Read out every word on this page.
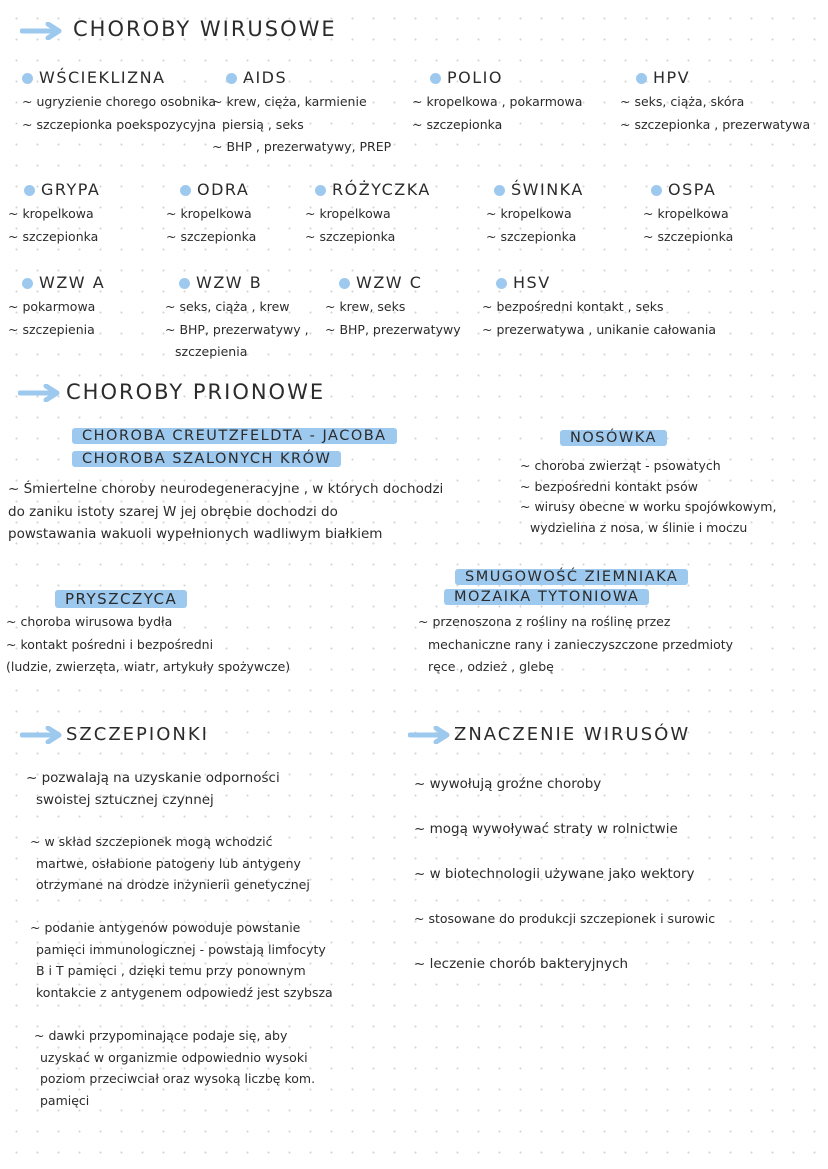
CHOROBY WIRUSOWE
WŚCIEKLIZNA
~ ugryzienie chorego osobnika
~ szczepionka poekspozycyjna
AIDS
~ krew, cięża, karmienie
piersią , seks
~ BHP , prezerwatywy, PREP
POLIO
~ kropelkowa , pokarmowa
~ szczepionka
HPV
~ seks, ciąża, skóra
~ szczepionka , prezerwatywa
GRYPA
~ kropelkowa
~ szczepionka
ODRA
~ kropelkowa
~ szczepionka
RÓŻYCZKA
~ kropelkowa
~ szczepionka
ŚWINKA
~ kropelkowa
~ szczepionka
OSPA
~ kropelkowa
~ szczepionka
WZW A
~ pokarmowa
~ szczepienia
WZW B
~ seks, ciąża , krew
~ BHP, prezerwatywy ,
szczepienia
WZW C
~ krew, seks
~ BHP, prezerwatywy
HSV
~ bezpośredni kontakt , seks
~ prezerwatywa , unikanie całowania
CHOROBY PRIONOWE
CHOROBA CREUTZFELDTA - JACOBA
CHOROBA SZALONYCH KRÓW
~ Śmiertelne choroby neurodegeneracyjne , w których dochodzi
do zaniku istoty szarej W jej obrębie dochodzi do
powstawania wakuoli wypełnionych wadliwym białkiem
NOSÓWKA
~ choroba zwierząt - psowatych
~ bezpośredni kontakt psów
~ wirusy obecne w worku spojówkowym,
wydzielina z nosa, w ślinie i moczu
PRYSZCZYCA
~ choroba wirusowa bydła
~ kontakt pośredni i bezpośredni
(ludzie, zwierzęta, wiatr, artykuły spożywcze)
SMUGOWOŚĆ ZIEMNIAKA
MOZAIKA TYTONIOWA
~ przenoszona z rośliny na roślinę przez
mechaniczne rany i zanieczyszczone przedmioty
ręce , odzież , glebę
SZCZEPIONKI
~ pozwalają na uzyskanie odporności
swoistej sztucznej czynnej
~ w skład szczepionek mogą wchodzić
martwe, osłabione patogeny lub antygeny
otrzymane na drodze inżynierii genetycznej
~ podanie antygenów powoduje powstanie
pamięci immunologicznej - powstają limfocyty
B i T pamięci , dzięki temu przy ponownym
kontakcie z antygenem odpowiedź jest szybsza
~ dawki przypominające podaje się, aby
uzyskać w organizmie odpowiednio wysoki
poziom przeciwciał oraz wysoką liczbę kom.
pamięci
ZNACZENIE WIRUSÓW
~ wywołują groźne choroby
~ mogą wywoływać straty w rolnictwie
~ w biotechnologii używane jako wektory
~ stosowane do produkcji szczepionek i surowic
~ leczenie chorób bakteryjnych
